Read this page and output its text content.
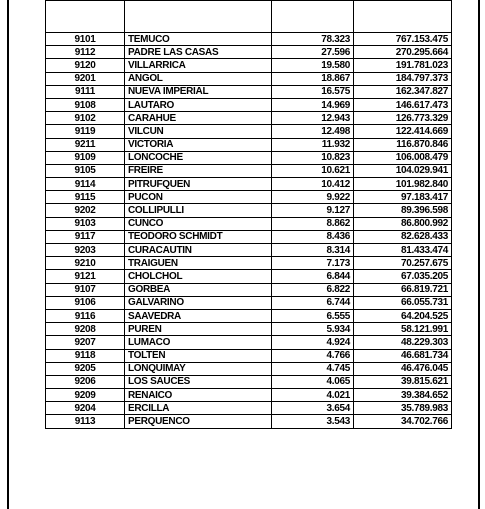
9101	TEMUCO	78.323	767.153.475
9112	PADRE LAS CASAS	27.596	270.295.664
9120	VILLARRICA	19.580	191.781.023
9201	ANGOL	18.867	184.797.373
9111	NUEVA IMPERIAL	16.575	162.347.827
9108	LAUTARO	14.969	146.617.473
9102	CARAHUE	12.943	126.773.329
9119	VILCUN	12.498	122.414.669
9211	VICTORIA	11.932	116.870.846
9109	LONCOCHE	10.823	106.008.479
9105	FREIRE	10.621	104.029.941
9114	PITRUFQUEN	10.412	101.982.840
9115	PUCON	9.922	97.183.417
9202	COLLIPULLI	9.127	89.396.598
9103	CUNCO	8.862	86.800.992
9117	TEODORO SCHMIDT	8.436	82.628.433
9203	CURACAUTIN	8.314	81.433.474
9210	TRAIGUEN	7.173	70.257.675
9121	CHOLCHOL	6.844	67.035.205
9107	GORBEA	6.822	66.819.721
9106	GALVARINO	6.744	66.055.731
9116	SAAVEDRA	6.555	64.204.525
9208	PUREN	5.934	58.121.991
9207	LUMACO	4.924	48.229.303
9118	TOLTEN	4.766	46.681.734
9205	LONQUIMAY	4.745	46.476.045
9206	LOS SAUCES	4.065	39.815.621
9209	RENAICO	4.021	39.384.652
9204	ERCILLA	3.654	35.789.983
9113	PERQUENCO	3.543	34.702.766
